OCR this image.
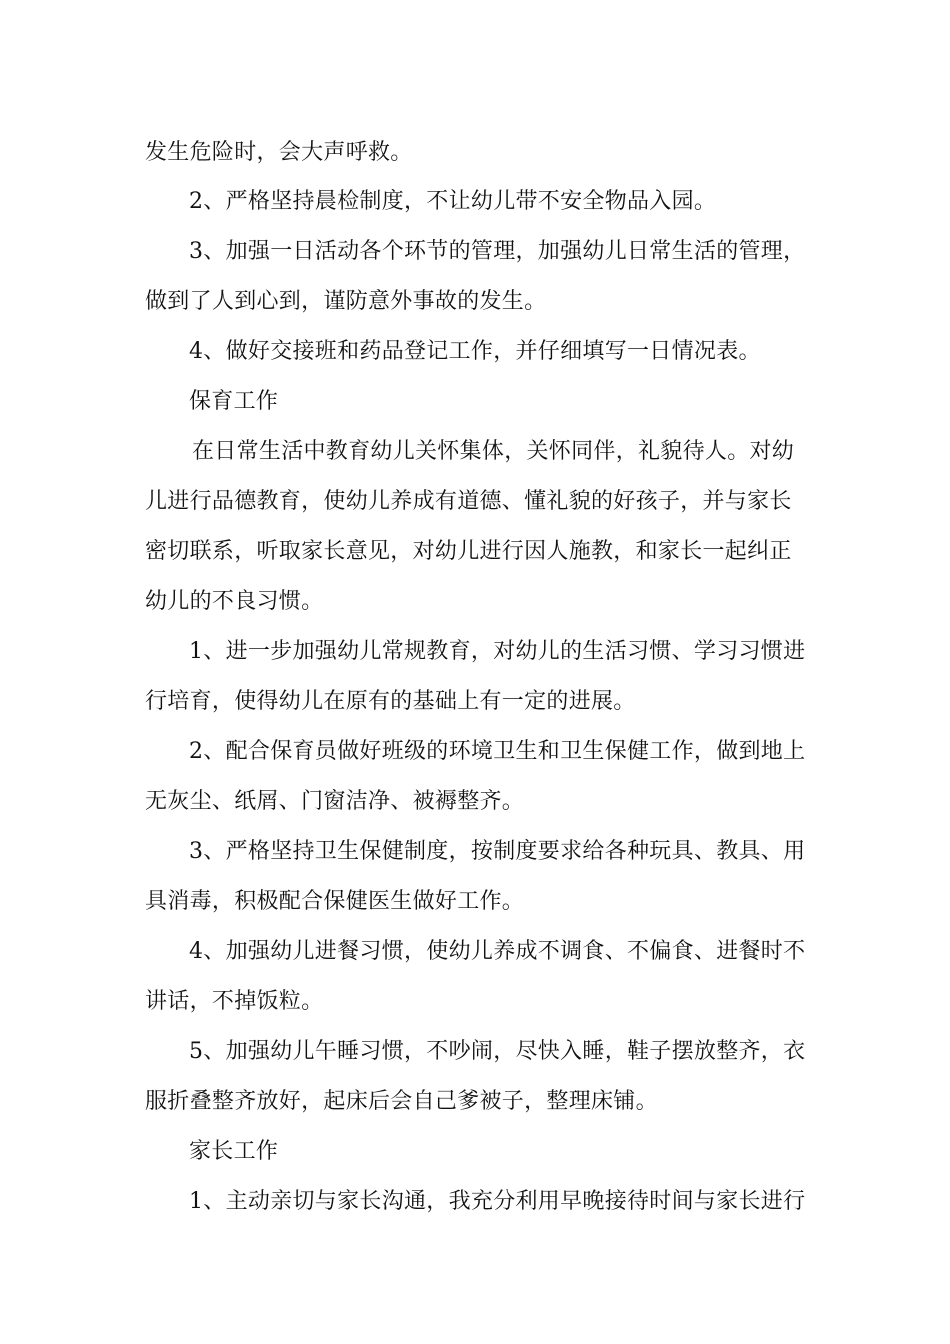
发生危险时，会大声呼救。
2、严格坚持晨检制度，不让幼儿带不安全物品入园。
3、加强一日活动各个环节的管理，加强幼儿日常生活的管理，
做到了人到心到，谨防意外事故的发生。
4、做好交接班和药品登记工作，并仔细填写一日情况表。
保育工作
在日常生活中教育幼儿关怀集体，关怀同伴，礼貌待人。对幼
儿进行品德教育，使幼儿养成有道德、懂礼貌的好孩子，并与家长
密切联系，听取家长意见，对幼儿进行因人施教，和家长一起纠正
幼儿的不良习惯。
1、进一步加强幼儿常规教育，对幼儿的生活习惯、学习习惯进
行培育，使得幼儿在原有的基础上有一定的进展。
2、配合保育员做好班级的环境卫生和卫生保健工作，做到地上
无灰尘、纸屑、门窗洁净、被褥整齐。
3、严格坚持卫生保健制度，按制度要求给各种玩具、教具、用
具消毒，积极配合保健医生做好工作。
4、加强幼儿进餐习惯，使幼儿养成不调食、不偏食、进餐时不
讲话，不掉饭粒。
5、加强幼儿午睡习惯，不吵闹，尽快入睡，鞋子摆放整齐，衣
服折叠整齐放好，起床后会自己爹被子，整理床铺。
家长工作
1、主动亲切与家长沟通，我充分利用早晚接待时间与家长进行
